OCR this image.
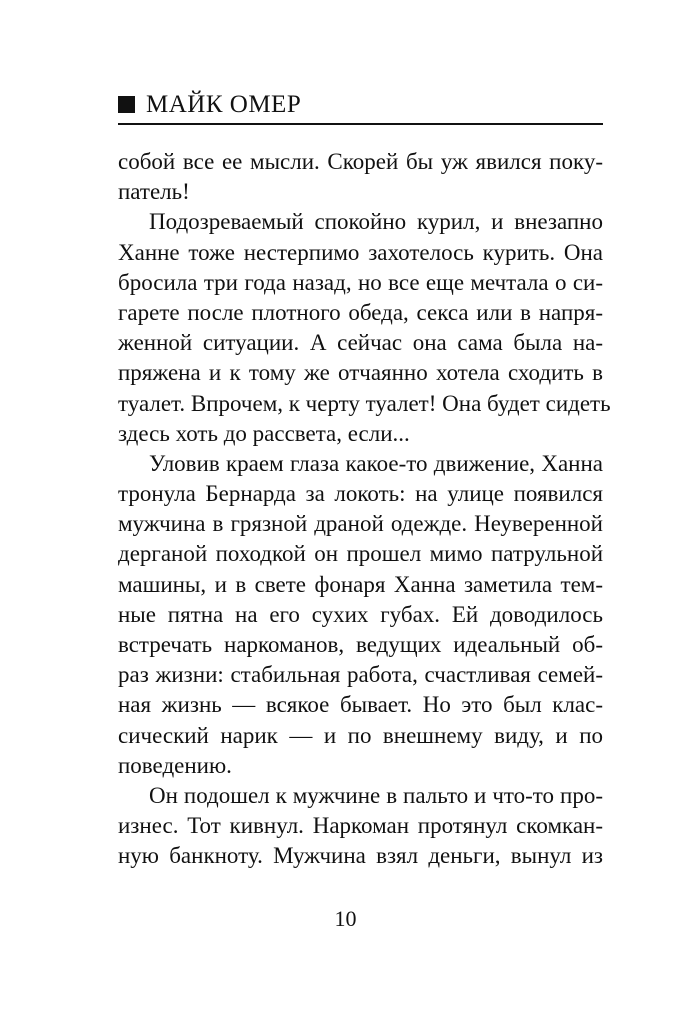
МАЙК ОМЕР
собой все ее мысли. Скорей бы уж явился поку-
патель!
Подозреваемый спокойно курил, и внезапно
Ханне тоже нестерпимо захотелось курить. Она
бросила три года назад, но все еще мечтала о си-
гарете после плотного обеда, секса или в напря-
женной ситуации. А сейчас она сама была на-
пряжена и к тому же отчаянно хотела сходить в
туалет. Впрочем, к черту туалет! Она будет сидеть
здесь хоть до рассвета, если...
Уловив краем глаза какое-то движение, Ханна
тронула Бернарда за локоть: на улице появился
мужчина в грязной драной одежде. Неуверенной
дерганой походкой он прошел мимо патрульной
машины, и в свете фонаря Ханна заметила тем-
ные пятна на его сухих губах. Ей доводилось
встречать наркоманов, ведущих идеальный об-
раз жизни: стабильная работа, счастливая семей-
ная жизнь — всякое бывает. Но это был клас-
сический нарик — и по внешнему виду, и по
поведению.
Он подошел к мужчине в пальто и что-то про-
изнес. Тот кивнул. Наркоман протянул скомкан-
ную банкноту. Мужчина взял деньги, вынул из
10
